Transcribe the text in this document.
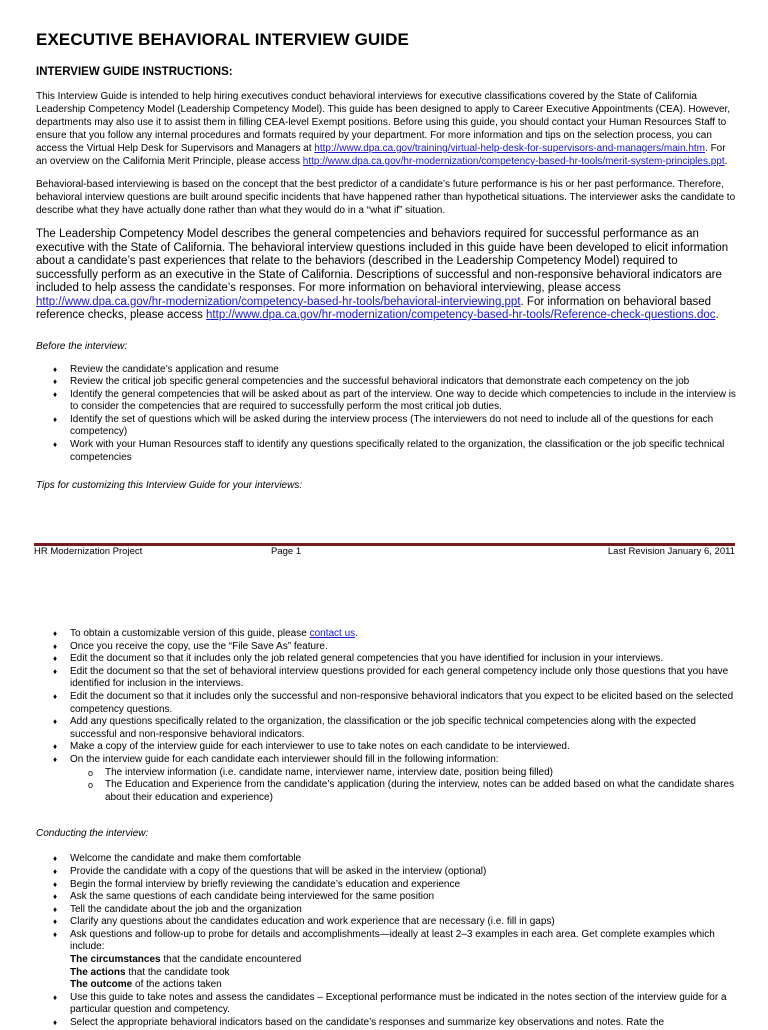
EXECUTIVE BEHAVIORAL INTERVIEW GUIDE
INTERVIEW GUIDE INSTRUCTIONS:

This Interview Guide is intended to help hiring executives conduct behavioral interviews for executive classifications covered by the State of California Leadership Competency Model (Leadership Competency Model). This guide has been designed to apply to Career Executive Appointments (CEA). However, departments may also use it to assist them in filling CEA-level Exempt positions. Before using this guide, you should contact your Human Resources Staff to ensure that you follow any internal procedures and formats required by your department. For more information and tips on the selection process, you can access the Virtual Help Desk for Supervisors and Managers at http://www.dpa.ca.gov/training/virtual-help-desk-for-supervisors-and-managers/main.htm. For an overview on the California Merit Principle, please access http://www.dpa.ca.gov/hr-modernization/competency-based-hr-tools/merit-system-principles.ppt.

Behavioral-based interviewing is based on the concept that the best predictor of a candidate’s future performance is his or her past performance. Therefore, behavioral interview questions are built around specific incidents that have happened rather than hypothetical situations. The interviewer asks the candidate to describe what they have actually done rather than what they would do in a “what if” situation.

The Leadership Competency Model describes the general competencies and behaviors required for successful performance as an executive with the State of California. The behavioral interview questions included in this guide have been developed to elicit information about a candidate’s past experiences that relate to the behaviors (described in the Leadership Competency Model) required to successfully perform as an executive in the State of California. Descriptions of successful and non-responsive behavioral indicators are included to help assess the candidate’s responses. For more information on behavioral interviewing, please access http://www.dpa.ca.gov/hr-modernization/competency-based-hr-tools/behavioral-interviewing.ppt. For information on behavioral based reference checks, please access http://www.dpa.ca.gov/hr-modernization/competency-based-hr-tools/Reference-check-questions.doc.

Before the interview:
♦ Review the candidate’s application and resume
♦ Review the critical job specific general competencies and the successful behavioral indicators that demonstrate each competency on the job
♦ Identify the general competencies that will be asked about as part of the interview. One way to decide which competencies to include in the interview is to consider the competencies that are required to successfully perform the most critical job duties.
♦ Identify the set of questions which will be asked during the interview process (The interviewers do not need to include all of the questions for each competency)
♦ Work with your Human Resources staff to identify any questions specifically related to the organization, the classification or the job specific technical competencies
Tips for customizing this Interview Guide for your interviews:
HR Modernization Project	Page 1	Last Revision January 6, 2011
♦ To obtain a customizable version of this guide, please contact us.
♦ Once you receive the copy, use the “File Save As” feature.
♦ Edit the document so that it includes only the job related general competencies that you have identified for inclusion in your interviews.
♦ Edit the document so that the set of behavioral interview questions provided for each general competency include only those questions that you have identified for inclusion in the interviews.
♦ Edit the document so that it includes only the successful and non-responsive behavioral indicators that you expect to be elicited based on the selected competency questions.
♦ Add any questions specifically related to the organization, the classification or the job specific technical competencies along with the expected successful and non-responsive behavioral indicators.
♦ Make a copy of the interview guide for each interviewer to use to take notes on each candidate to be interviewed.
♦ On the interview guide for each candidate each interviewer should fill in the following information:
o The interview information (i.e. candidate name, interviewer name, interview date, position being filled)
o The Education and Experience from the candidate’s application (during the interview, notes can be added based on what the candidate shares about their education and experience)
Conducting the interview:
♦ Welcome the candidate and make them comfortable
♦ Provide the candidate with a copy of the questions that will be asked in the interview (optional)
♦ Begin the formal interview by briefly reviewing the candidate’s education and experience
♦ Ask the same questions of each candidate being interviewed for the same position
♦ Tell the candidate about the job and the organization
♦ Clarify any questions about the candidates education and work experience that are necessary (i.e. fill in gaps)
♦ Ask questions and follow-up to probe for details and accomplishments—ideally at least 2–3 examples in each area. Get complete examples which include:
The circumstances that the candidate encountered
The actions that the candidate took
The outcome of the actions taken
♦ Use this guide to take notes and assess the candidates – Exceptional performance must be indicated in the notes section of the interview guide for a particular question and competency.
♦ Select the appropriate behavioral indicators based on the candidate’s responses and summarize key observations and notes. Rate the
